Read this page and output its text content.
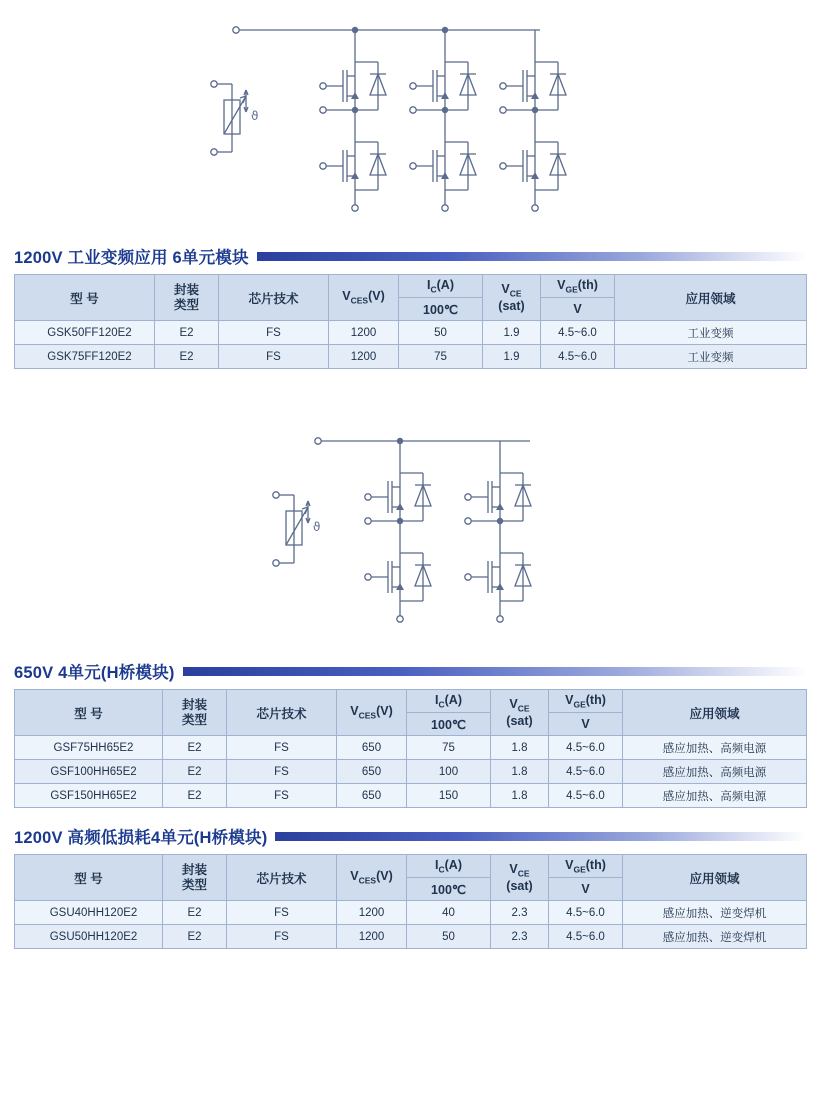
ϑ
1200V 工业变频应用 6单元模块
型 号	封装
类型	芯片技术	$V_{CES}(V)$	$I_C(A)$	$V_{CE}$
(sat)	$V_{GE}(th)$	应用领域
				100℃		V	
GSK50FF120E2	E2	FS	1200	50	1.9	4.5~6.0	工业变频
GSK75FF120E2	E2	FS	1200	75	1.9	4.5~6.0	工业变频
ϑ
650V 4单元(H桥模块)
型 号	封装
类型	芯片技术	$V_{CES}(V)$	$I_C(A)$	$V_{CE}$
(sat)	$V_{GE}(th)$	应用领域
				100℃		V	
GSF75HH65E2	E2	FS	650	75	1.8	4.5~6.0	感应加热、高频电源
GSF100HH65E2	E2	FS	650	100	1.8	4.5~6.0	感应加热、高频电源
GSF150HH65E2	E2	FS	650	150	1.8	4.5~6.0	感应加热、高频电源
1200V 高频低损耗4单元(H桥模块)
型 号	封装
类型	芯片技术	$V_{CES}(V)$	$I_C(A)$	$V_{CE}$
(sat)	$V_{GE}(th)$	应用领域
				100℃		V	
GSU40HH120E2	E2	FS	1200	40	2.3	4.5~6.0	感应加热、逆变焊机
GSU50HH120E2	E2	FS	1200	50	2.3	4.5~6.0	感应加热、逆变焊机
